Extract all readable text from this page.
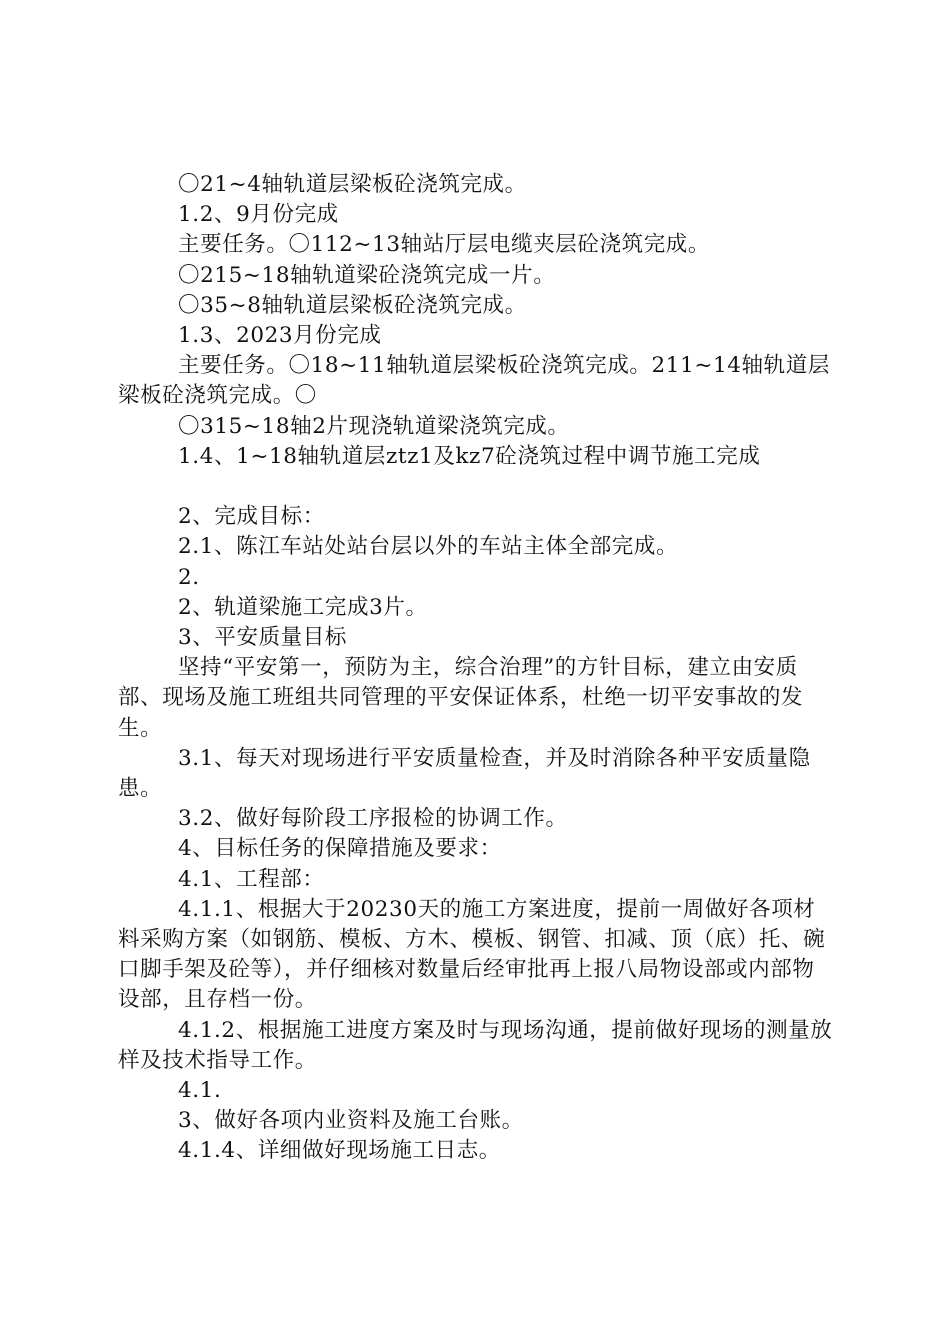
〇21~4轴轨道层梁板砼浇筑完成。

1.2、9月份完成

主要任务。〇112~13轴站厅层电缆夹层砼浇筑完成。

〇215~18轴轨道梁砼浇筑完成一片。

〇35~8轴轨道层梁板砼浇筑完成。

1.3、2023月份完成

主要任务。〇18~11轴轨道层梁板砼浇筑完成。211~14轴轨道层梁板砼浇筑完成。〇

〇315~18轴2片现浇轨道梁浇筑完成。

1.4、1~18轴轨道层ztz1及kz7砼浇筑过程中调节施工完成

2、完成目标：

2.1、陈江车站处站台层以外的车站主体全部完成。

2.

2、轨道梁施工完成3片。

3、平安质量目标

坚持“平安第一，预防为主，综合治理”的方针目标，建立由安质部、现场及施工班组共同管理的平安保证体系，杜绝一切平安事故的发生。

3.1、每天对现场进行平安质量检查，并及时消除各种平安质量隐患。

3.2、做好每阶段工序报检的协调工作。

4、目标任务的保障措施及要求：

4.1、工程部：

4.1.1、根据大于20230天的施工方案进度，提前一周做好各项材料采购方案（如钢筋、模板、方木、模板、钢管、扣减、顶（底）托、碗口脚手架及砼等），并仔细核对数量后经审批再上报八局物设部或内部物设部，且存档一份。

4.1.2、根据施工进度方案及时与现场沟通，提前做好现场的测量放样及技术指导工作。

4.1.

3、做好各项内业资料及施工台账。

4.1.4、详细做好现场施工日志。
